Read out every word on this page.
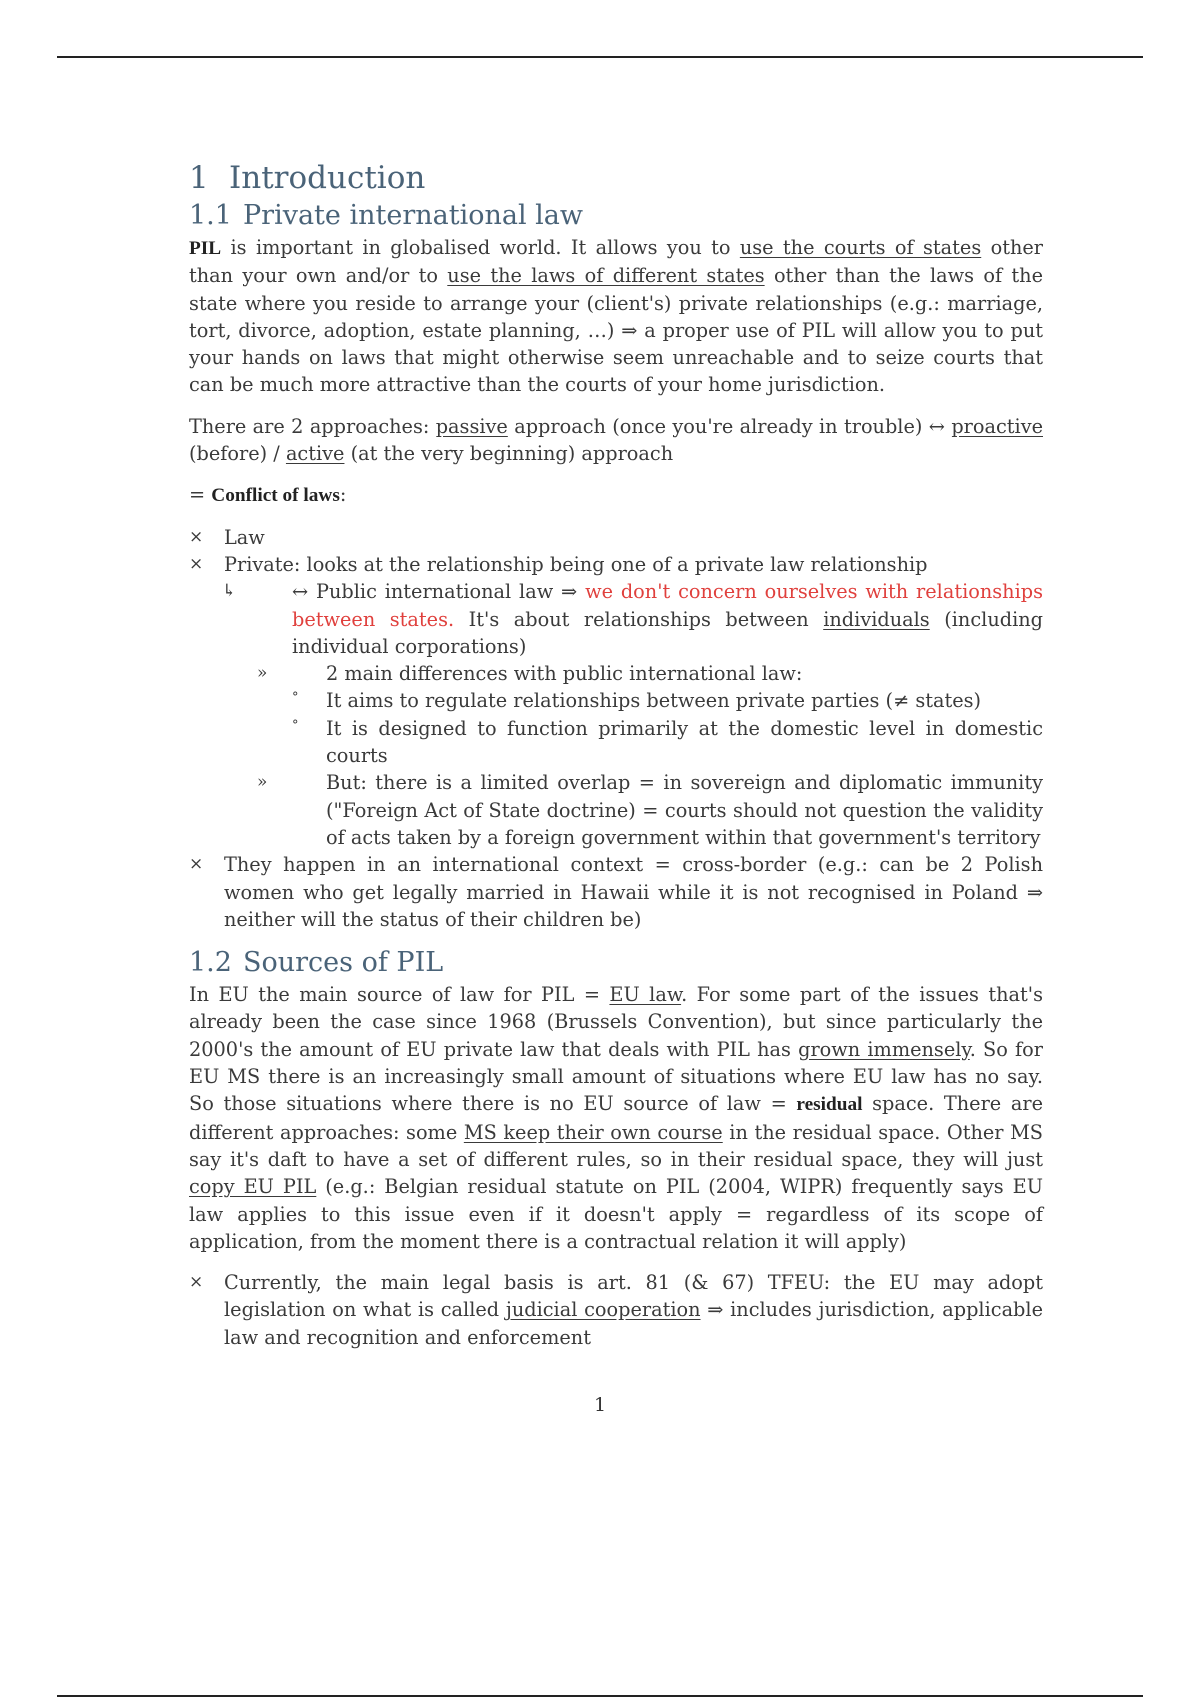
1 Introduction
1.1 Private international law

PIL is important in globalised world. It allows you to use the courts of states other than your own and/or to use the laws of different states other than the laws of the state where you reside to arrange your (client's) private relationships (e.g.: marriage, tort, divorce, adoption, estate planning, …) ⇒ a proper use of PIL will allow you to put your hands on laws that might otherwise seem unreachable and to seize courts that can be much more attractive than the courts of your home jurisdiction.

There are 2 approaches: passive approach (once you're already in trouble) ↔ proactive (before) / active (at the very beginning) approach

= Conflict of laws:

× Law
× Private: looks at the relationship being one of a private law relationship
↳	↔ Public international law ⇒ we don't concern ourselves with relationships between states. It's about relationships between individuals (including individual corporations)
»	2 main differences with public international law:
° It aims to regulate relationships between private parties (≠ states)
° It is designed to function primarily at the domestic level in domestic courts
»	But: there is a limited overlap = in sovereign and diplomatic immunity ("Foreign Act of State doctrine) = courts should not question the validity of acts taken by a foreign government within that government's territory
× They happen in an international context = cross-border (e.g.: can be 2 Polish women who get legally married in Hawaii while it is not recognised in Poland ⇒ neither will the status of their children be)
1.2 Sources of PIL

In EU the main source of law for PIL = EU law. For some part of the issues that's already been the case since 1968 (Brussels Convention), but since particularly the 2000's the amount of EU private law that deals with PIL has grown immensely. So for EU MS there is an increasingly small amount of situations where EU law has no say. So those situations where there is no EU source of law = residual space. There are different approaches: some MS keep their own course in the residual space. Other MS say it's daft to have a set of different rules, so in their residual space, they will just copy EU PIL (e.g.: Belgian residual statute on PIL (2004, WIPR) frequently says EU law applies to this issue even if it doesn't apply = regardless of its scope of application, from the moment there is a contractual relation it will apply)

× Currently, the main legal basis is art. 81 (& 67) TFEU: the EU may adopt legislation on what is called judicial cooperation ⇒ includes jurisdiction, applicable law and recognition and enforcement
1
